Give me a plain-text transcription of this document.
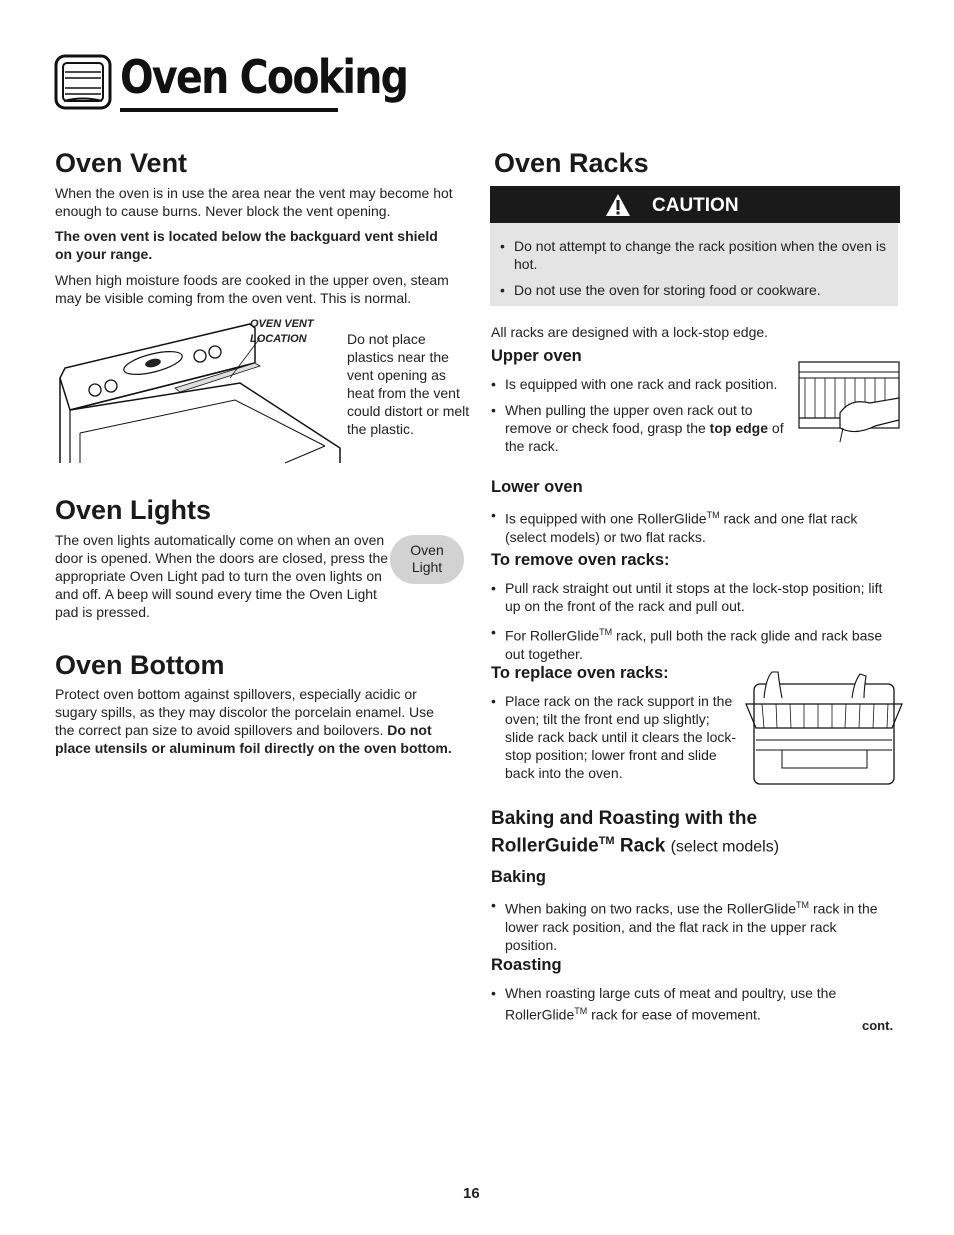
Oven Cooking
Oven Vent

When the oven is in use the area near the vent may become hot enough to cause burns. Never block the vent opening.

The oven vent is located below the backguard vent shield on your range.

When high moisture foods are cooked in the upper oven, steam may be visible coming from the oven vent. This is normal.

OVEN VENT
LOCATION	Do not place plastics near the vent opening as heat from the vent could distort or melt the plastic.

Oven Lights

The oven lights automatically come on when an oven door is opened. When the doors are closed, press the appropriate Oven Light pad to turn the oven lights on and off. A beep will sound every time the Oven Light pad is pressed.

Oven
Light
Oven Bottom

Protect oven bottom against spillovers, especially acidic or sugary spills, as they may discolor the porcelain enamel. Use the correct pan size to avoid spillovers and boilovers. Do not place utensils or aluminum foil directly on the oven bottom.

Oven Racks
CAUTION
• Do not attempt to change the rack position when the oven is hot.
• Do not use the oven for storing food or cookware.

All racks are designed with a lock-stop edge.

Upper oven
• Is equipped with one rack and rack position.
• When pulling the upper oven rack out to remove or check food, grasp the top edge of the rack.
Lower oven
• Is equipped with one RollerGlide™ rack and one flat rack (select models) or two flat racks.
To remove oven racks:
• Pull rack straight out until it stops at the lock-stop position; lift up on the front of the rack and pull out.
• For RollerGlide™ rack, pull both the rack glide and rack base out together.
To replace oven racks:
• Place rack on the rack support in the oven; tilt the front end up slightly; slide rack back until it clears the lock-stop position; lower front and slide back into the oven.
Baking and Roasting with the
RollerGuide™ Rack (select models)
Baking
• When baking on two racks, use the RollerGlide™ rack in the lower rack position, and the flat rack in the upper rack position.
Roasting
• When roasting large cuts of meat and poultry, use the RollerGlide™ rack for ease of movement.
cont.
16
